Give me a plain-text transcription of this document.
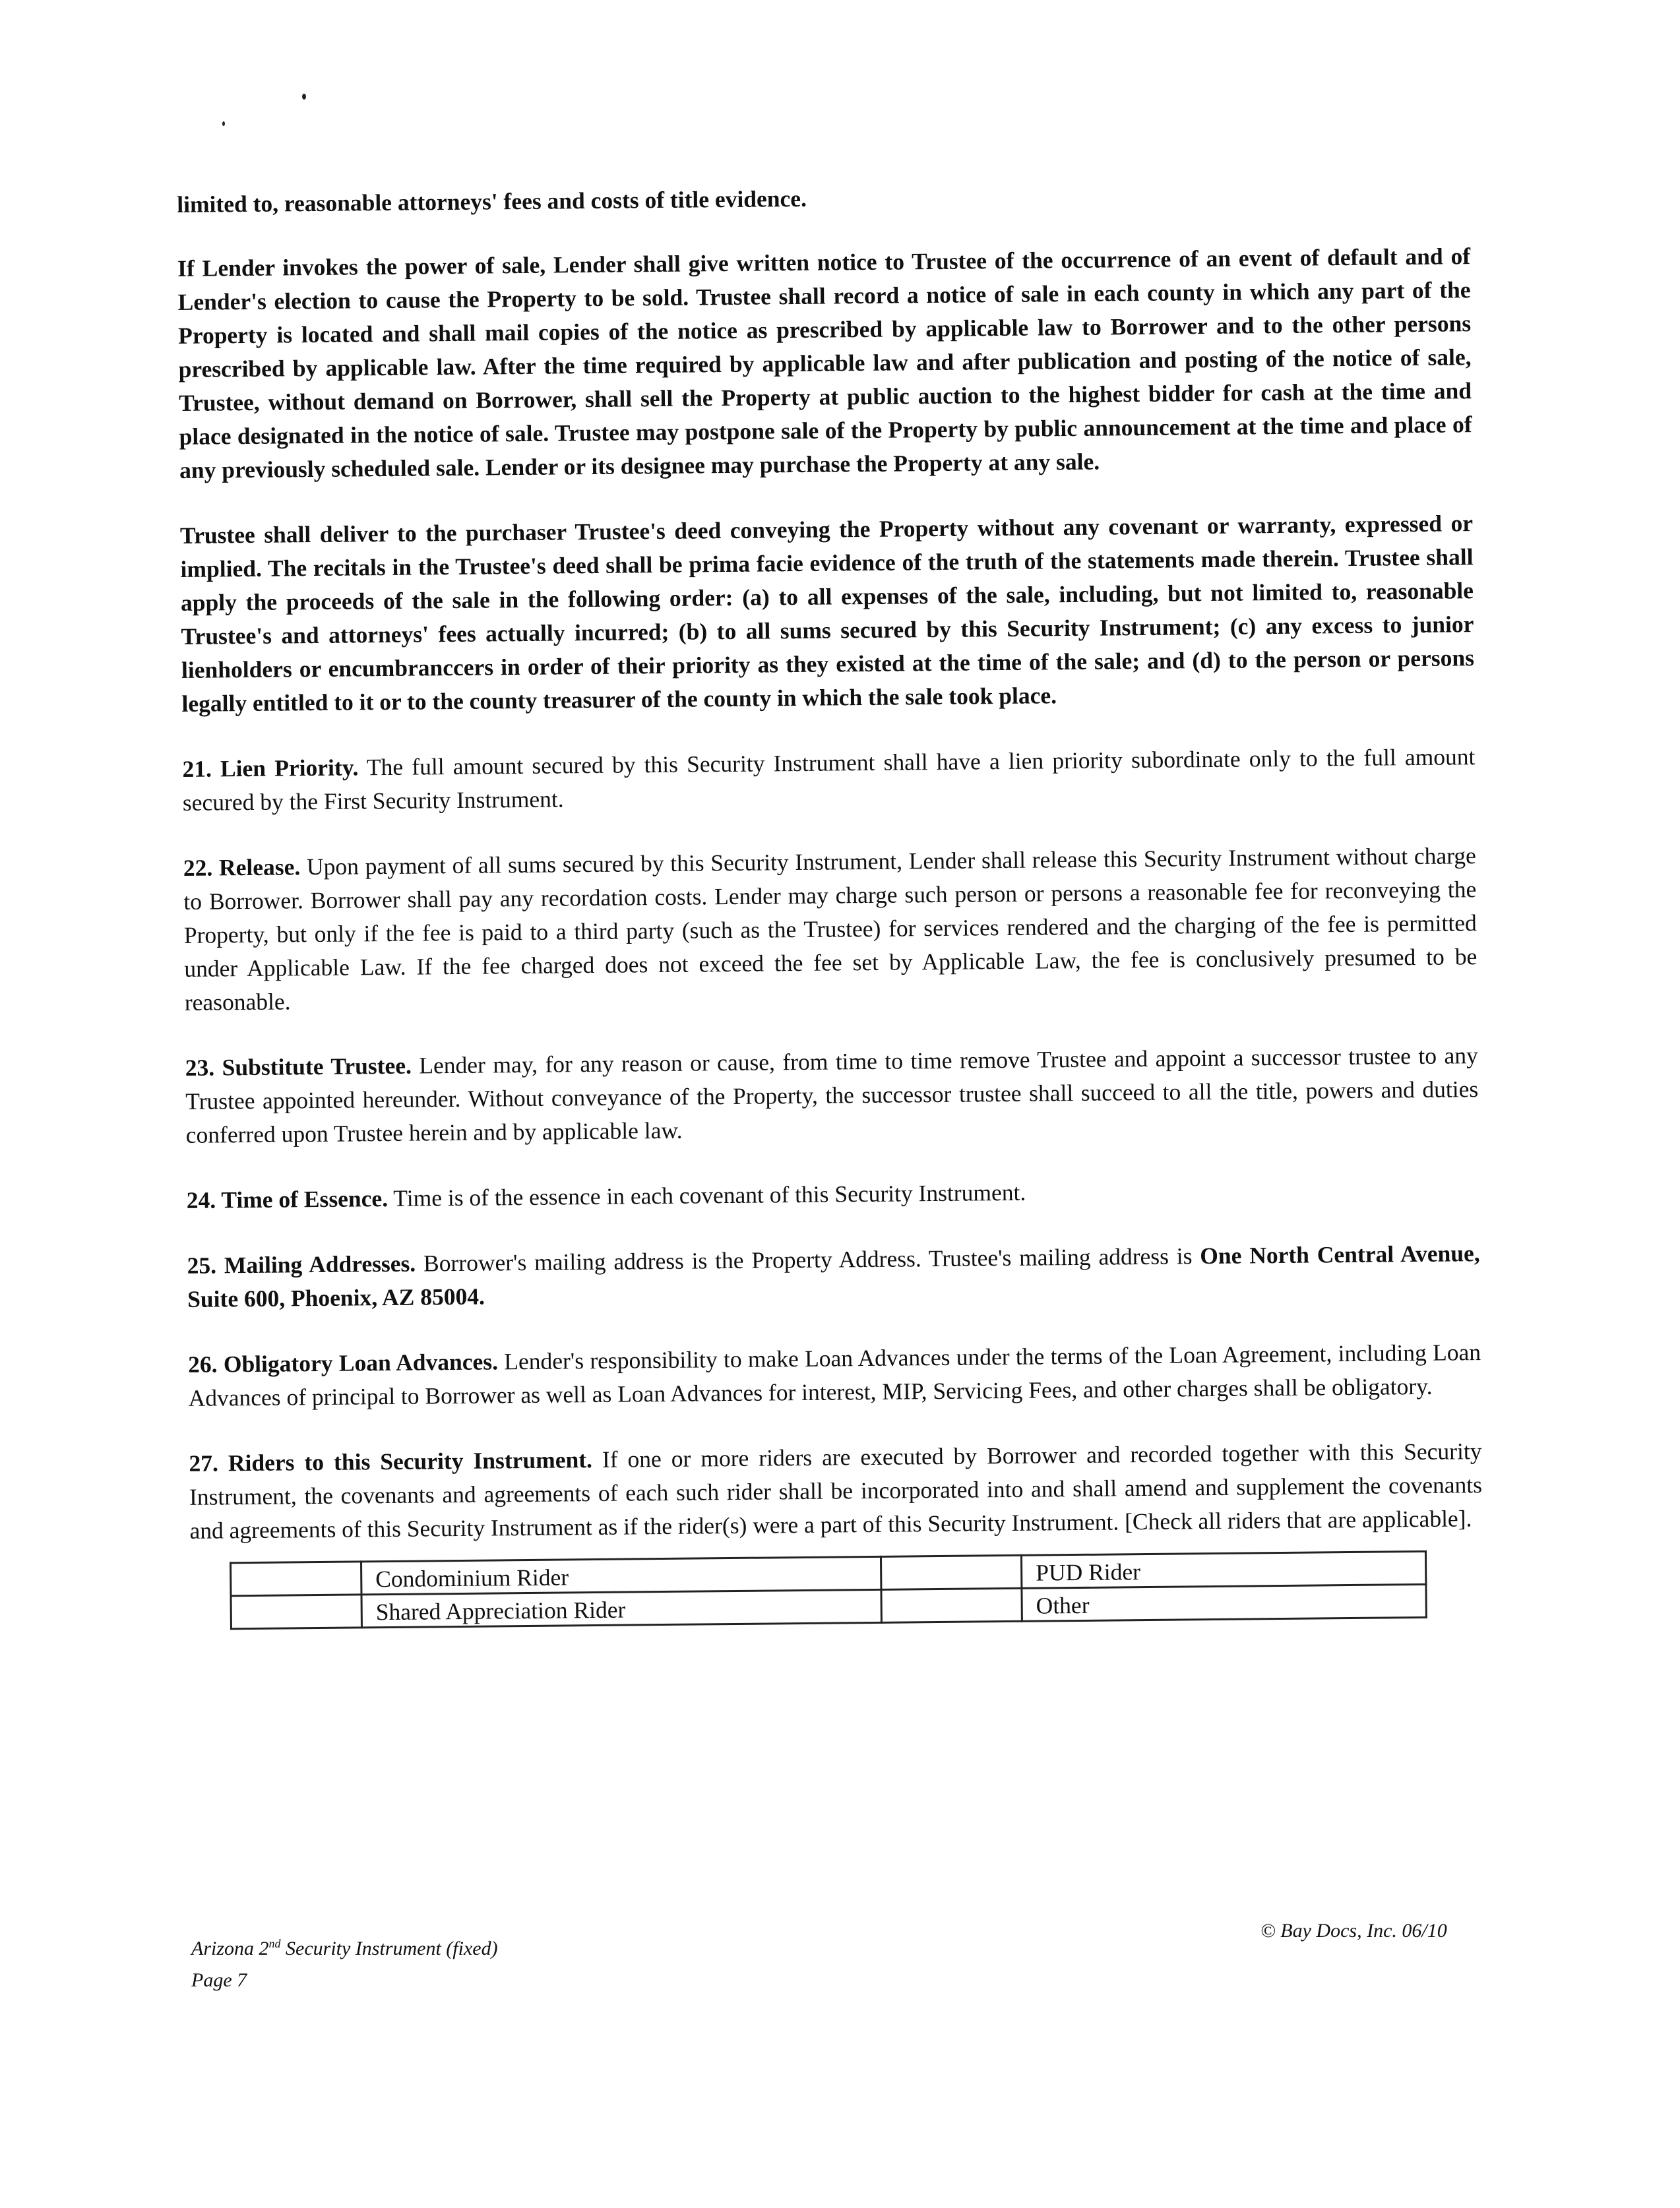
limited to, reasonable attorneys' fees and costs of title evidence.

If Lender invokes the power of sale, Lender shall give written notice to Trustee of the occurrence of an event of default and of Lender's election to cause the Property to be sold. Trustee shall record a notice of sale in each county in which any part of the Property is located and shall mail copies of the notice as prescribed by applicable law to Borrower and to the other persons prescribed by applicable law. After the time required by applicable law and after publication and posting of the notice of sale, Trustee, without demand on Borrower, shall sell the Property at public auction to the highest bidder for cash at the time and place designated in the notice of sale. Trustee may postpone sale of the Property by public announcement at the time and place of any previously scheduled sale. Lender or its designee may purchase the Property at any sale.

Trustee shall deliver to the purchaser Trustee's deed conveying the Property without any covenant or warranty, expressed or implied. The recitals in the Trustee's deed shall be prima facie evidence of the truth of the statements made therein. Trustee shall apply the proceeds of the sale in the following order: (a) to all expenses of the sale, including, but not limited to, reasonable Trustee's and attorneys' fees actually incurred; (b) to all sums secured by this Security Instrument; (c) any excess to junior lienholders or encumbranccers in order of their priority as they existed at the time of the sale; and (d) to the person or persons legally entitled to it or to the county treasurer of the county in which the sale took place.

21. Lien Priority. The full amount secured by this Security Instrument shall have a lien priority subordinate only to the full amount secured by the First Security Instrument.

22. Release. Upon payment of all sums secured by this Security Instrument, Lender shall release this Security Instrument without charge to Borrower. Borrower shall pay any recordation costs. Lender may charge such person or persons a reasonable fee for reconveying the Property, but only if the fee is paid to a third party (such as the Trustee) for services rendered and the charging of the fee is permitted under Applicable Law. If the fee charged does not exceed the fee set by Applicable Law, the fee is conclusively presumed to be reasonable.

23. Substitute Trustee. Lender may, for any reason or cause, from time to time remove Trustee and appoint a successor trustee to any Trustee appointed hereunder. Without conveyance of the Property, the successor trustee shall succeed to all the title, powers and duties conferred upon Trustee herein and by applicable law.

24. Time of Essence. Time is of the essence in each covenant of this Security Instrument.

25. Mailing Addresses. Borrower's mailing address is the Property Address. Trustee's mailing address is One North Central Avenue, Suite 600, Phoenix, AZ 85004.

26. Obligatory Loan Advances. Lender's responsibility to make Loan Advances under the terms of the Loan Agreement, including Loan Advances of principal to Borrower as well as Loan Advances for interest, MIP, Servicing Fees, and other charges shall be obligatory.

27. Riders to this Security Instrument. If one or more riders are executed by Borrower and recorded together with this Security Instrument, the covenants and agreements of each such rider shall be incorporated into and shall amend and supplement the covenants and agreements of this Security Instrument as if the rider(s) were a part of this Security Instrument. [Check all riders that are applicable].

	Condominium Rider		PUD Rider
	Shared Appreciation Rider		Other
Arizona 2nd Security Instrument (fixed)
Page 7
© Bay Docs, Inc. 06/10
